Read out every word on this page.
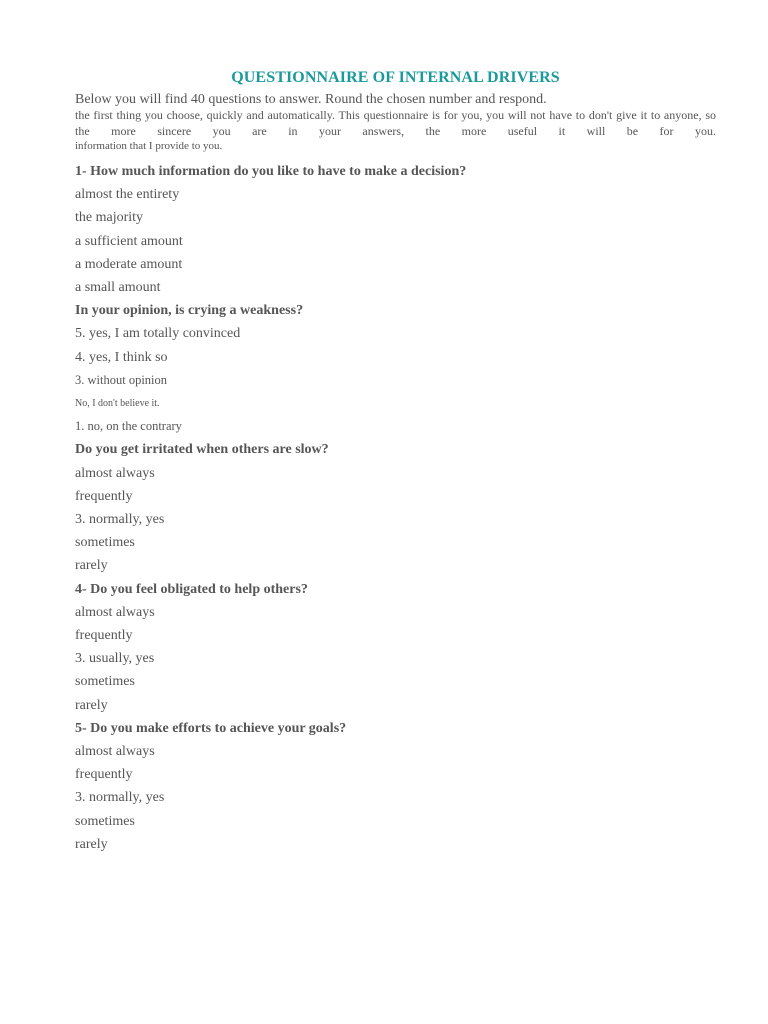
QUESTIONNAIRE OF INTERNAL DRIVERS
Below you will find 40 questions to answer. Round the chosen number and respond.
the first thing you choose, quickly and automatically. This questionnaire is for you, you will not have to don't give it to anyone, so the more sincere you are in your answers, the more useful it will be for you.
information that I provide to you.
1- How much information do you like to have to make a decision?
almost the entirety
the majority
a sufficient amount
a moderate amount
a small amount
In your opinion, is crying a weakness?
5. yes, I am totally convinced
4. yes, I think so
3. without opinion
No, I don't believe it.
1. no, on the contrary
Do you get irritated when others are slow?
almost always
frequently
3. normally, yes
sometimes
rarely
4- Do you feel obligated to help others?
almost always
frequently
3. usually, yes
sometimes
rarely
5- Do you make efforts to achieve your goals?
almost always
frequently
3. normally, yes
sometimes
rarely
